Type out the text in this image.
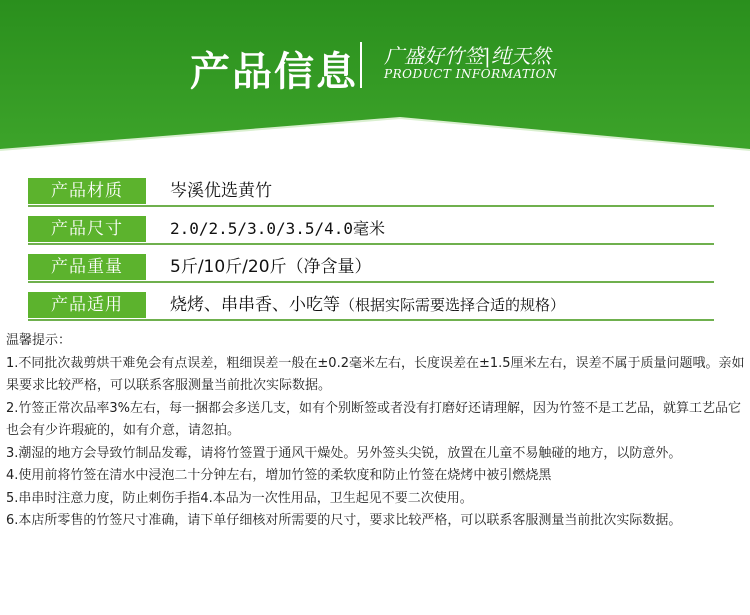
产品信息 广盛好竹签|纯天然
PRODUCT INFORMATION
产品材质	岑溪优选黄竹
产品尺寸	2.0/2.5/3.0/3.5/4.0毫米
产品重量	5斤/10斤/20斤（净含量）
产品适用	烧烤、串串香、小吃等（根据实际需要选择合适的规格）

温馨提示：

1.不同批次裁剪烘干难免会有点误差，粗细误差一般在±0.2毫米左右，长度误差在±1.5厘米左右，误差不属于质量问题哦。亲如果要求比较严格，可以联系客服测量当前批次实际数据。

2.竹签正常次品率3%左右，每一捆都会多送几支，如有个别断签或者没有打磨好还请理解，因为竹签不是工艺品，就算工艺品它也会有少许瑕疵的，如有介意，请忽拍。

3.潮湿的地方会导致竹制品发霉，请将竹签置于通风干燥处。另外签头尖锐，放置在儿童不易触碰的地方，以防意外。

4.使用前将竹签在清水中浸泡二十分钟左右，增加竹签的柔软度和防止竹签在烧烤中被引燃烧黑

5.串串时注意力度，防止刺伤手指4.本品为一次性用品，卫生起见不要二次使用。

6.本店所零售的竹签尺寸准确，请下单仔细核对所需要的尺寸，要求比较严格，可以联系客服测量当前批次实际数据。
